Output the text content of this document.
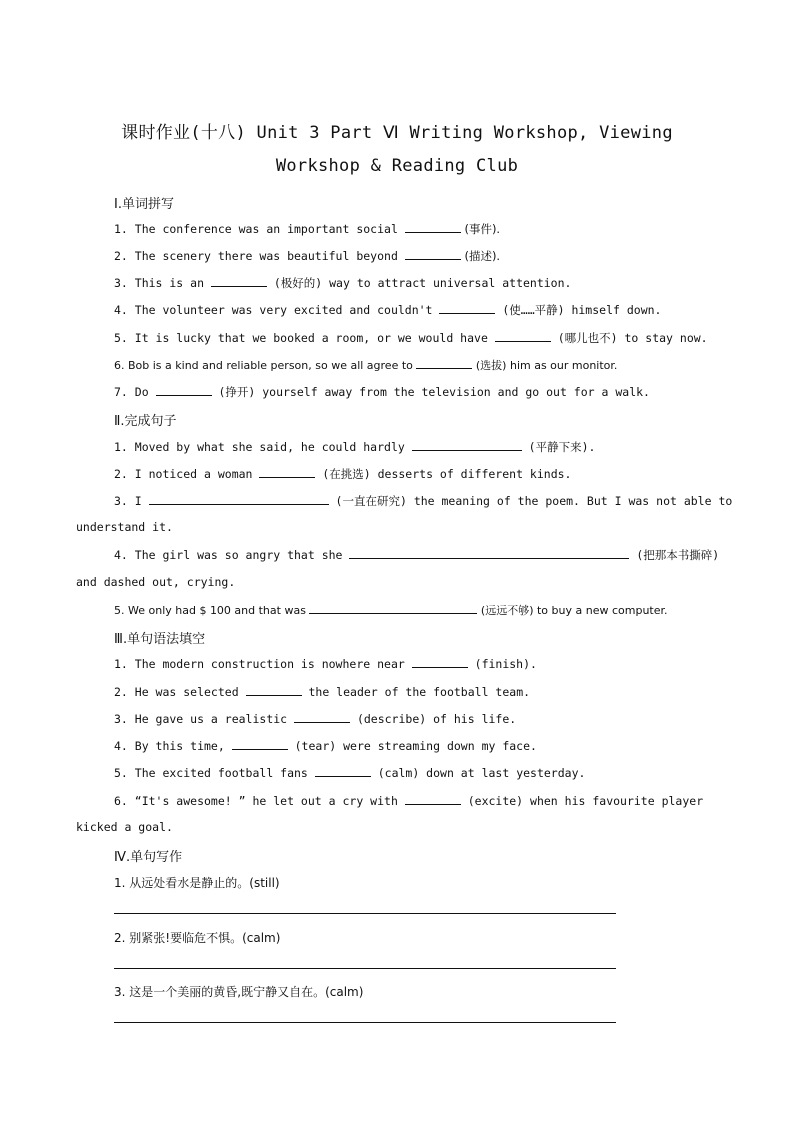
课时作业(十八) Unit 3 Part Ⅵ Writing Workshop, Viewing
Workshop & Reading Club
Ⅰ.单词拼写
1. The conference was an important social	(事件).
2. The scenery there was beautiful beyond	(描述).
3. This is an	(极好的) way to attract universal attention.
4. The volunteer was very excited and couldn't	(使……平静) himself down.
5. It is lucky that we booked a room, or we would have	(哪儿也不) to stay now.
6. Bob is a kind and reliable person, so we all agree to	(选拔) him as our monitor.
7. Do	(挣开) yourself away from the television and go out for a walk.
Ⅱ.完成句子
1. Moved by what she said, he could hardly	(平静下来).
2. I noticed a woman	(在挑选) desserts of different kinds.
3. I	(一直在研究) the meaning of the poem. But I was not able to
understand it.
4. The girl was so angry that she	(把那本书撕碎)
and dashed out, crying.
5. We only had $ 100 and that was	(远远不够) to buy a new computer.
Ⅲ.单句语法填空
1. The modern construction is nowhere near	(finish).
2. He was selected	the leader of the football team.
3. He gave us a realistic	(describe) of his life.
4. By this time,	(tear) were streaming down my face.
5. The excited football fans	(calm) down at last yesterday.
6. “It's awesome! ” he let out a cry with	(excite) when his favourite player
kicked a goal.
Ⅳ.单句写作
1. 从远处看水是静止的。(still)
2. 别紧张!要临危不惧。(calm)
3. 这是一个美丽的黄昏,既宁静又自在。(calm)
